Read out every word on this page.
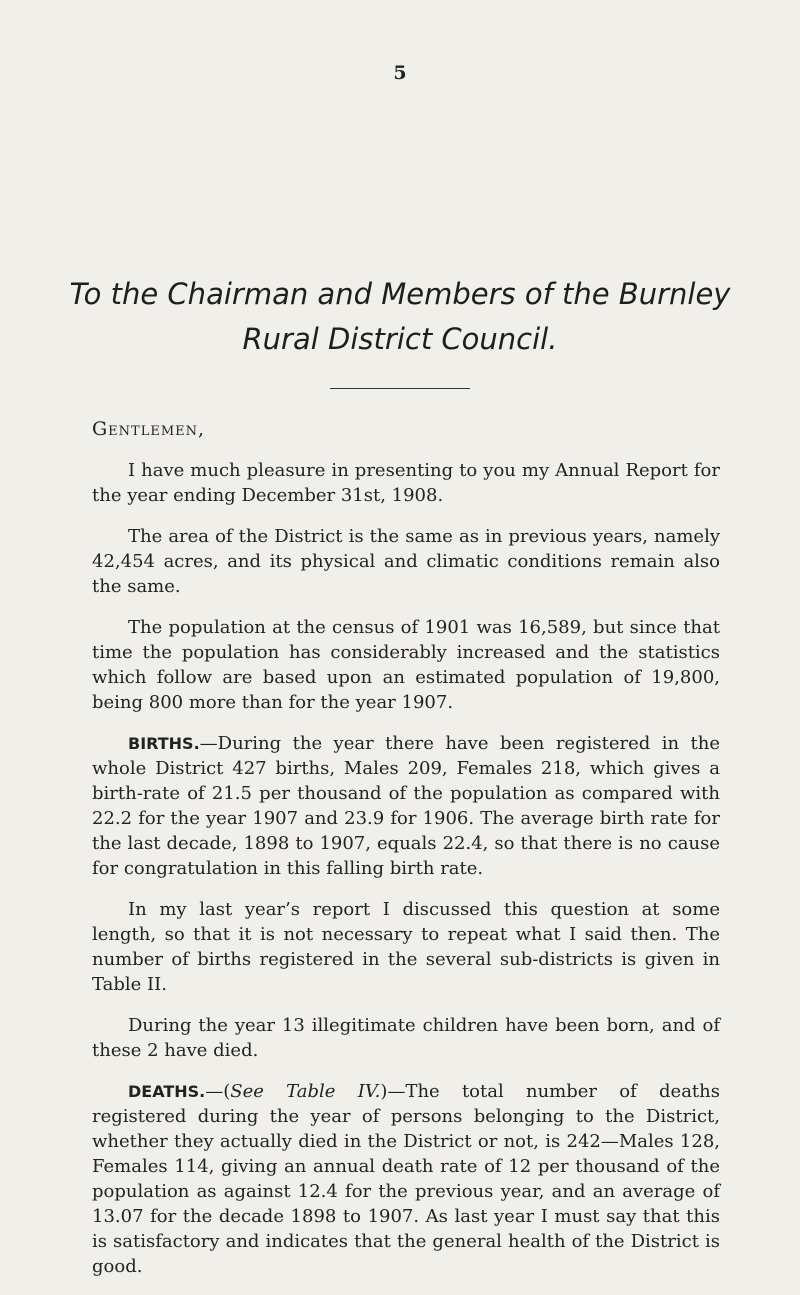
5
To the Chairman and Members of the Burnley
Rural District Council.
Gentlemen,

I have much pleasure in presenting to you my Annual Report for the year ending December 31st, 1908.

The area of the District is the same as in previous years, namely 42,454 acres, and its physical and climatic conditions remain also the same.

The population at the census of 1901 was 16,589, but since that time the population has considerably increased and the statistics which follow are based upon an estimated population of 19,800, being 800 more than for the year 1907.

BIRTHS.—During the year there have been registered in the whole District 427 births, Males 209, Females 218, which gives a birth-rate of 21.5 per thousand of the population as compared with 22.2 for the year 1907 and 23.9 for 1906. The average birth rate for the last decade, 1898 to 1907, equals 22.4, so that there is no cause for congratulation in this falling birth rate.

In my last year’s report I discussed this question at some length, so that it is not necessary to repeat what I said then. The number of births registered in the several sub-districts is given in Table II.

During the year 13 illegitimate children have been born, and of these 2 have died.

DEATHS.—(See Table IV.)—The total number of deaths registered during the year of persons belonging to the District, whether they actually died in the District or not, is 242—Males 128, Females 114, giving an annual death rate of 12 per thousand of the population as against 12.4 for the previous year, and an average of 13.07 for the decade 1898 to 1907. As last year I must say that this is satisfactory and indicates that the general health of the District is good.
